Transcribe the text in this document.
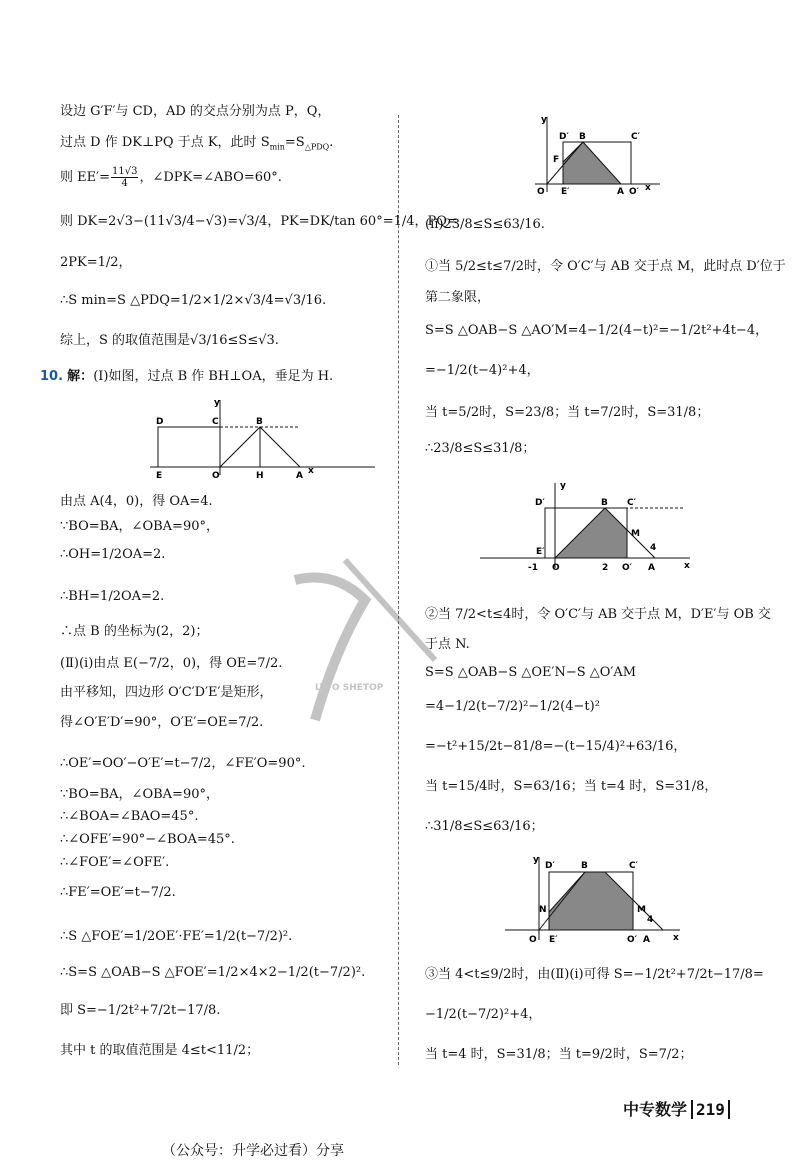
设边 G′F′与 CD，AD 的交点分别为点 P，Q，
过点 D 作 DK⊥PQ 于点 K，此时 $S_{min}=S_{\triangle PDQ}$.
则 $EE'= \frac{11√3}{4}$ ，∠DPK=∠ABO=60°.
则 DK=2√3−(11√3/4−√3)=√3/4，PK=DK/tan 60°=1/4，PQ=
2PK=1/2，
∴S min=S △PDQ=1/2×1/2×√3/4=√3/16.
综上，S 的取值范围是√3/16≤S≤√3.
10. 解：(Ⅰ)如图，过点 B 作 BH⊥OA，垂足为 H.
D	C	B
E	O	H	A x
y
由点 A(4，0)，得 OA=4.
∵BO=BA，∠OBA=90°，
∴OH=1/2OA=2.
∴BH=1/2OA=2.
∴点 B 的坐标为(2，2)；
(Ⅱ)(ⅰ)由点 E(−7/2，0)，得 OE=7/2.
由平移知，四边形 O′C′D′E′是矩形，
得∠O′E′D′=90°，O′E′=OE=7/2.
∴OE′=OO′−O′E′=t−7/2，∠FE′O=90°.
∵BO=BA，∠OBA=90°，
∴∠BOA=∠BAO=45°.
∴∠OFE′=90°−∠BOA=45°.
∴∠FOE′=∠OFE′.
∴FE′=OE′=t−7/2.
∴S △FOE′=1/2OE′·FE′=1/2(t−7/2)².
∴S=S △OAB−S △FOE′=1/2×4×2−1/2(t−7/2)².
即 S=−1/2t²+7/2t−17/8.
其中 t 的取值范围是 4≤t<11/2；
y
D′ B	C′
F
O E′	A O′ x
(ⅱ)23/8≤S≤63/16.
①当 5/2≤t≤7/2时，令 O′C′与 AB 交于点 M，此时点 D′位于
第二象限，
S=S △OAB−S △AO′M=4−1/2(4−t)²=−1/2t²+4t−4，
=−1/2(t−4)²+4，
当 t=5/2时，S=23/8；当 t=7/2时，S=31/8；
∴23/8≤S≤31/8；
y
D′	B C′
M
4
E′
-1 O	2 O′ A	x
②当 7/2<t≤4时，令 O′C′与 AB 交于点 M，D′E′与 OB 交
于点 N.
S=S △OAB−S △OE′N−S △O′AM
=4−1/2(t−7/2)²−1/2(4−t)²
=−t²+15/2t−81/8=−(t−15/4)²+63/16，
当 t=15/4时，S=63/16；当 t=4 时，S=31/8，
∴31/8≤S≤63/16；
y
D′	B	C′
N	M
4
O E′	O′ A	x
③当 4<t≤9/2时，由(Ⅱ)(ⅰ)可得 S=−1/2t²+7/2t−17/8=
−1/2(t−7/2)²+4，
当 t=4 时，S=31/8；当 t=9/2时，S=7/2；
LYTO SHETOP
中专数学 219
（公众号：升学必过看）分享
